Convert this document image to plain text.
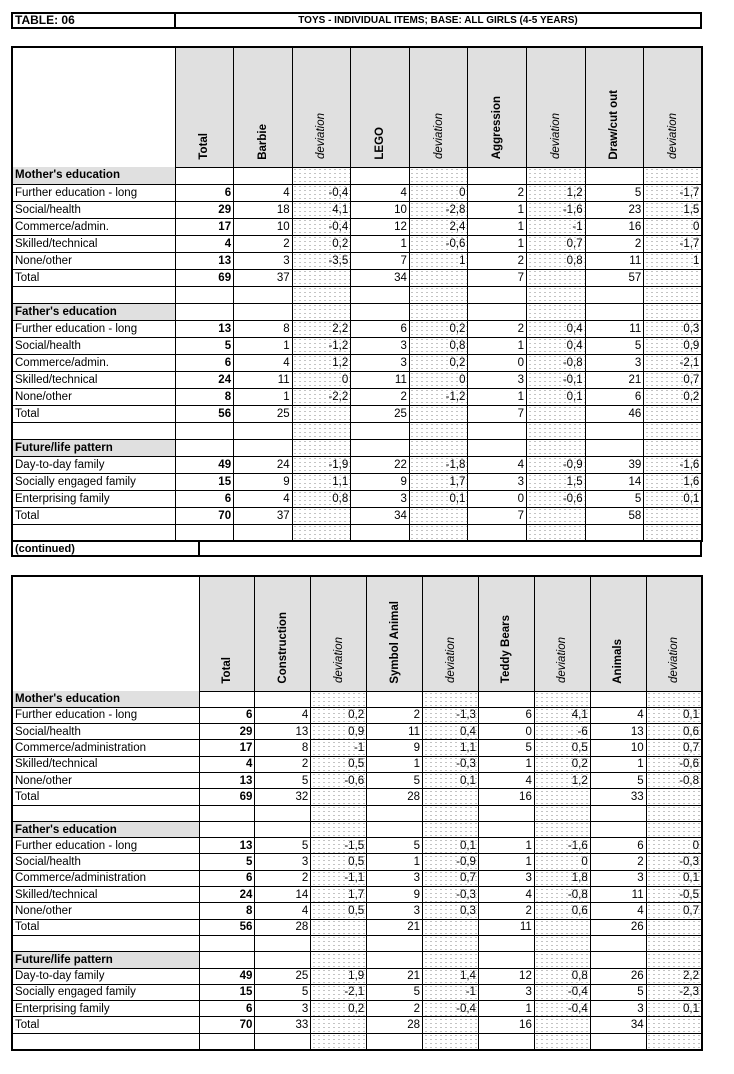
TABLE: 06	TOYS - INDIVIDUAL ITEMS; BASE: ALL GIRLS (4-5 YEARS)
	Total	Barbie	deviation	LEGO	deviation	Aggression	deviation	Draw/cut out	deviation
Mother's education									
Further education - long	6	4	-0,4	4	0	2	1,2	5	-1,7
Social/health	29	18	4,1	10	-2,8	1	-1,6	23	1,5
Commerce/admin.	17	10	-0,4	12	2,4	1	-1	16	0
Skilled/technical	4	2	0,2	1	-0,6	1	0,7	2	-1,7
None/other	13	3	-3,5	7	1	2	0,8	11	1
Total	69	37		34		7		57	

Father's education									
Further education - long	13	8	2,2	6	0,2	2	0,4	11	0,3
Social/health	5	1	-1,2	3	0,8	1	0,4	5	0,9
Commerce/admin.	6	4	1,2	3	0,2	0	-0,8	3	-2,1
Skilled/technical	24	11	0	11	0	3	-0,1	21	0,7
None/other	8	1	-2,2	2	-1,2	1	0,1	6	0,2
Total	56	25		25		7		46	

Future/life pattern									
Day-to-day family	49	24	-1,9	22	-1,8	4	-0,9	39	-1,6
Socially engaged family	15	9	1,1	9	1,7	3	1,5	14	1,6
Enterprising family	6	4	0,8	3	0,1	0	-0,6	5	0,1
Total	70	37		34		7		58	

(continued)
	Total	Construction	deviation	Symbol Animal	deviation	Teddy Bears	deviation	Animals	deviation
Mother's education									
Further education - long	6	4	0,2	2	-1,3	6	4,1	4	0,1
Social/health	29	13	0,9	11	0,4	0	-6	13	0,6
Commerce/administration	17	8	-1	9	1,1	5	0,5	10	0,7
Skilled/technical	4	2	0,5	1	-0,3	1	0,2	1	-0,6
None/other	13	5	-0,6	5	0,1	4	1,2	5	-0,8
Total	69	32		28		16		33	

Father's education									
Further education - long	13	5	-1,5	5	0,1	1	-1,6	6	0
Social/health	5	3	0,5	1	-0,9	1	0	2	-0,3
Commerce/administration	6	2	-1,1	3	0,7	3	1,8	3	0,1
Skilled/technical	24	14	1,7	9	-0,3	4	-0,8	11	-0,5
None/other	8	4	0,5	3	0,3	2	0,6	4	0,7
Total	56	28		21		11		26	

Future/life pattern									
Day-to-day family	49	25	1,9	21	1,4	12	0,8	26	2,2
Socially engaged family	15	5	-2,1	5	-1	3	-0,4	5	-2,3
Enterprising family	6	3	0,2	2	-0,4	1	-0,4	3	0,1
Total	70	33		28		16		34	
